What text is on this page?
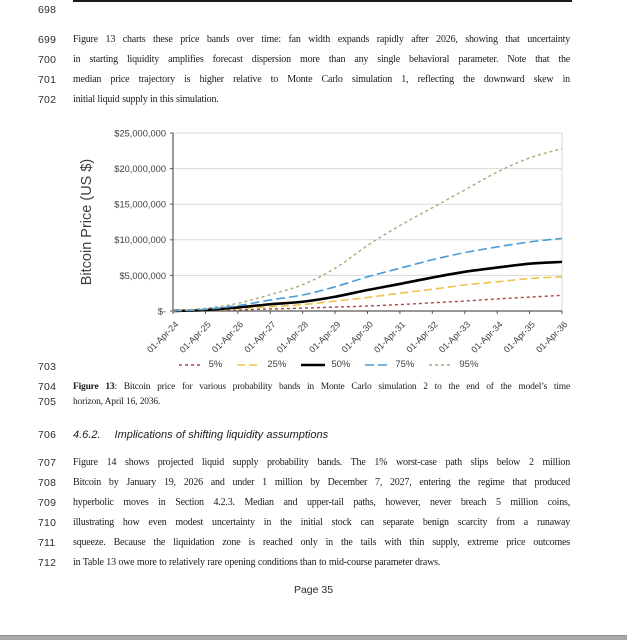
698
699	Figure 13 charts these price bands over time: fan width expands rapidly after 2026, showing that uncertainty
700	in starting liquidity amplifies forecast dispersion more than any single behavioral parameter. Note that the
701	median price trajectory is higher relative to Monte Carlo simulation 1, reflecting the downward skew in
702	initial liquid supply in this simulation.
$-
$5,000,000
$10,000,000
$15,000,000
$20,000,000
$25,000,000
01-Apr-24
01-Apr-25
01-Apr-26
01-Apr-27
01-Apr-28
01-Apr-29
01-Apr-30
01-Apr-31
01-Apr-32
01-Apr-33
01-Apr-34
01-Apr-35
01-Apr-36
Bitcoin Price (US $)
5%	25%	50%	75%	95%
703
704	Figure 13: Bitcoin price for various probability bands in Monte Carlo simulation 2 to the end of the model’s time
705	horizon, April 16, 2036.
706	4.6.2. Implications of shifting liquidity assumptions
707	Figure 14 shows projected liquid supply probability bands. The 1% worst-case path slips below 2 million
708	Bitcoin by January 19, 2026 and under 1 million by December 7, 2027, entering the regime that produced
709	hyperbolic moves in Section 4.2.3. Median and upper-tail paths, however, never breach 5 million coins,
710	illustrating how even modest uncertainty in the initial stock can separate benign scarcity from a runaway
711	squeeze. Because the liquidation zone is reached only in the tails with thin supply, extreme price outcomes
712	in Table 13 owe more to relatively rare opening conditions than to mid-course parameter draws.
Page 35
